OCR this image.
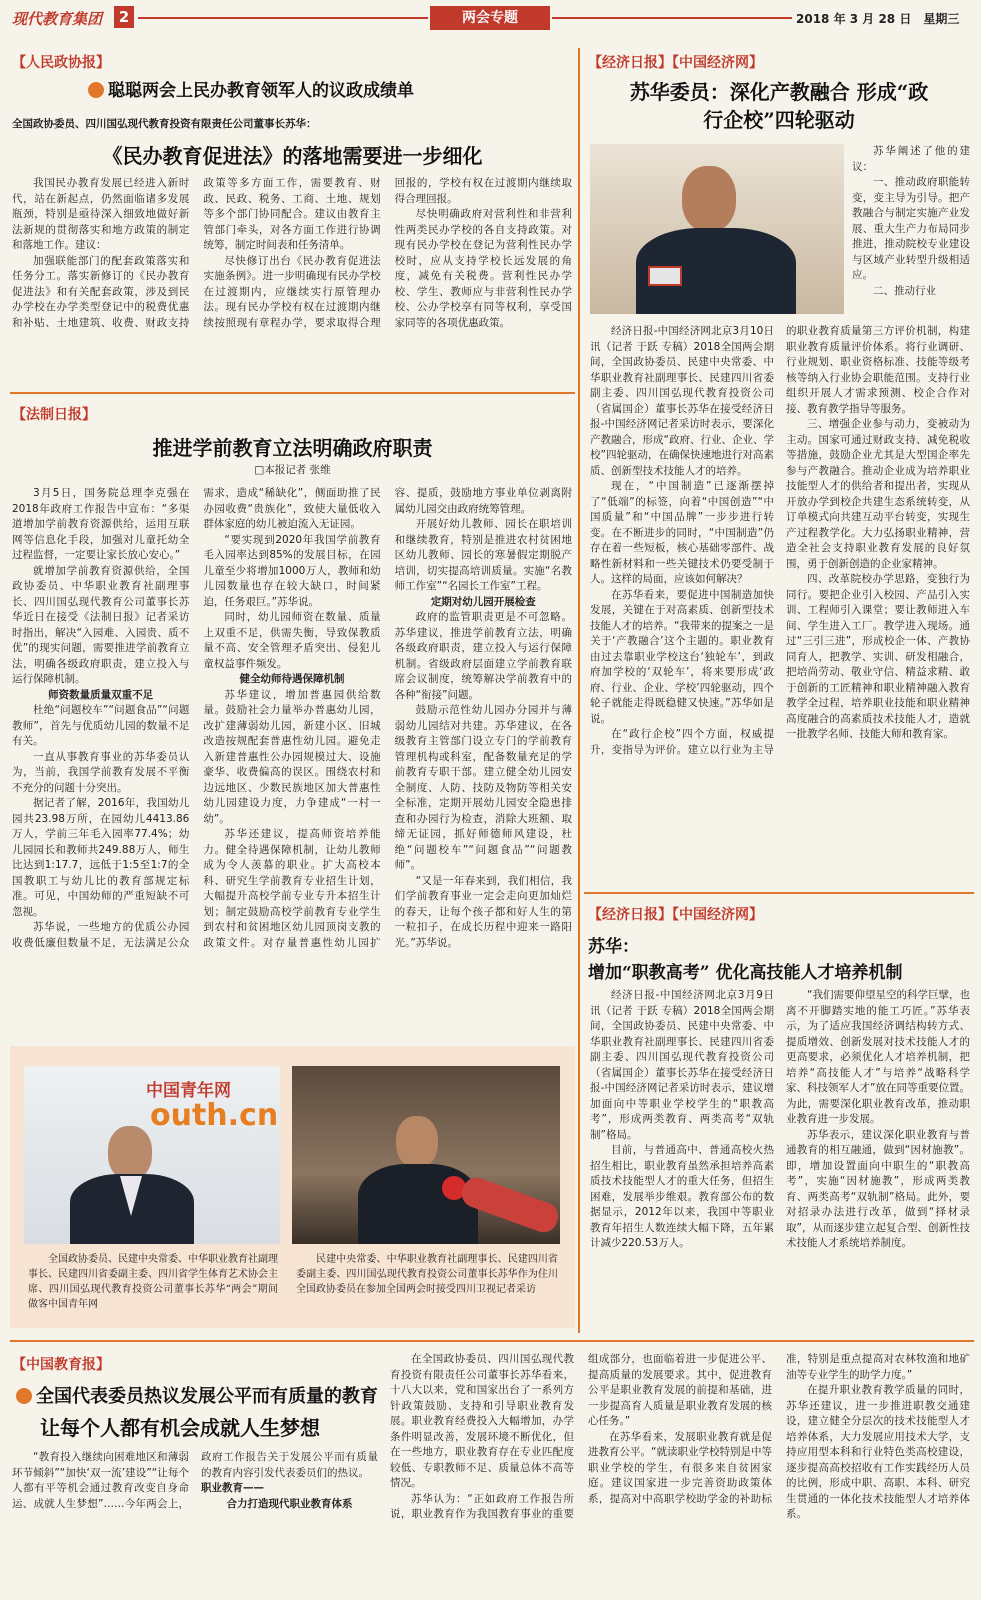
现代教育集团	2	两会专题	2018 年 3 月 28 日　星期三
【人民政协报】
聪聪两会上民办教育领军人的议政成绩单
全国政协委员、四川国弘现代教育投资有限责任公司董事长苏华：
《民办教育促进法》的落地需要进一步细化

我国民办教育发展已经进入新时代，站在新起点，仍然面临诸多发展瓶颈，特别是亟待深入细致地做好新法新规的贯彻落实和地方政策的制定和落地工作。建议：

加强联能部门的配套政策落实和任务分工。落实新修订的《民办教育促进法》和有关配套政策，涉及到民办学校在办学类型登记中的税费优惠和补贴、土地建筑、收费、财政支持政策等多方面工作，需要教育、财政、民政、税务、工商、土地、规划等多个部门协同配合。建议由教育主管部门牵头，对各方面工作进行协调统筹，制定时间表和任务清单。

尽快修订出台《民办教育促进法实施条例》。进一步明确现有民办学校在过渡期内，应继续实行原管理办法。现有民办学校有权在过渡期内继续按照现有章程办学，要求取得合理回报的，学校有权在过渡期内继续取得合理回报。

尽快明确政府对营利性和非营利性两类民办学校的各自支持政策。对现有民办学校在登记为营利性民办学校时，应从支持学校长远发展的角度，减免有关税费。营利性民办学校、学生、教师应与非营利性民办学校、公办学校享有同等权利，享受国家同等的各项优惠政策。

【法制日报】
推进学前教育立法明确政府职责
□本报记者 张维

3月5日，国务院总理李克强在2018年政府工作报告中宣布：“多渠道增加学前教育资源供给，运用互联网等信息化手段，加强对儿童托幼全过程监督，一定要让家长放心安心。”

就增加学前教育资源供给，全国政协委员、中华职业教育社副理事长、四川国弘现代教育公司董事长苏华近日在接受《法制日报》记者采访时指出，解决“入园难、入园贵、质不优”的现实问题，需要推进学前教育立法，明确各级政府职责，建立投入与运行保障机制。

师资数量质量双重不足

杜绝“问题校车”“问题食品”“问题教师”，首先与优质幼儿园的数量不足有关。

一直从事教育事业的苏华委员认为，当前，我国学前教育发展不平衡不充分的问题十分突出。

据记者了解，2016年，我国幼儿园共23.98万所，在园幼儿4413.86万人，学前三年毛入园率77.4%；幼儿园园长和教师共249.88万人，师生比达到1:17.7，远低于1:5至1:7的全国教职工与幼儿比的教育部规定标准。可见，中国幼师的严重短缺不可忽视。

苏华说，一些地方的优质公办园收费低廉但数量不足，无法满足公众需求，造成“稀缺化”，侧面助推了民办园收费“贵族化”，致使大量低收入群体家庭的幼儿被迫流入无证园。

“要实现到2020年我国学前教育毛入园率达到85%的发展目标，在园儿童至少将增加1000万人，教师和幼儿园数量也存在较大缺口，时间紧迫，任务艰巨。”苏华说。

同时，幼儿园师资在数量、质量上双重不足，供需失衡，导致保教质量不高、安全管理矛盾突出、侵犯儿童权益事件频发。

健全幼师待遇保障机制

苏华建议，增加普惠园供给数量。鼓励社会力量举办普惠幼儿园，改扩建薄弱幼儿园，新建小区、旧城改造按规配套普惠性幼儿园。避免走入新建普惠性公办园规模过大、设施豪华、收费偏高的误区。围绕农村和边远地区、少数民族地区加大普惠性幼儿园建设力度，力争建成“一村一幼”。

苏华还建议，提高师资培养能力。健全待遇保障机制，让幼儿教师成为令人羡慕的职业。扩大高校本科、研究生学前教育专业招生计划，大幅提升高校学前专业专升本招生计划；制定鼓励高校学前教育专业学生到农村和贫困地区幼儿园顶岗支教的政策文件。对存量普惠性幼儿园扩容、提质，鼓励地方事业单位剥离附属幼儿园交由政府统筹管理。

开展好幼儿教师、园长在职培训和继续教育，特别是推进农村贫困地区幼儿教师、园长的寒暑假定期脱产培训，切实提高培训质量。实施“名教师工作室”“名园长工作室”工程。

定期对幼儿园开展检查

政府的监管职责更是不可忽略。苏华建议，推进学前教育立法，明确各级政府职责，建立投入与运行保障机制。省级政府层面建立学前教育联席会议制度，统筹解决学前教育中的各种“衔接”问题。

鼓励示范性幼儿园办分园并与薄弱幼儿园结对共建。苏华建议，在各级教育主管部门设立专门的学前教育管理机构或科室，配备数量充足的学前教育专职干部。建立健全幼儿园安全制度、人防、技防及物防等相关安全标准，定期开展幼儿园安全隐患排查和办园行为检查，消除大班额、取缔无证园，抓好师德师风建设，杜绝“问题校车”“问题食品”“问题教师”。

“又是一年春来到，我们相信，我们学前教育事业一定会走向更加灿烂的春天，让每个孩子都和好人生的第一粒扣子，在成长历程中迎来一路阳光。”苏华说。

中国青年网
outh.cn
全国政协委员、民建中央常委、中华职业教育社副理事长、民建四川省委副主委、四川省学生体育艺术协会主席、四川国弘现代教育投资公司董事长苏华“两会”期间做客中国青年网
民建中央常委、中华职业教育社副理事长、民建四川省委副主委、四川国弘现代教育投资公司董事长苏华作为住川全国政协委员在参加全国两会时接受四川卫视记者采访
【经济日报】【中国经济网】
苏华委员：深化产教融合 形成“政
行企校”四轮驱动

苏华阐述了他的建议：

一、推动政府职能转变，变主导为引导。把产教融合与制定实施产业发展、重大生产力布局同步推进，推动院校专业建设与区域产业转型升级相适应。

二、推动行业

经济日报-中国经济网北京3月10日讯（记者 于跃 专稿）2018全国两会期间，全国政协委员、民建中央常委、中华职业教育社副理事长、民建四川省委副主委、四川国弘现代教育投资公司（省属国企）董事长苏华在接受经济日报-中国经济网记者采访时表示，要深化产教融合，形成“政府、行业、企业、学校”四轮驱动，在确保快速地进行对高素质、创新型技术技能人才的培养。

现在，“中国制造”已逐渐摆掉了“低端”的标签，向着“中国创造”“中国质量”和“中国品牌”一步步进行转变。在不断进步的同时，“中国制造”仍存在着一些短板，核心基础零部件、战略性新材料和一些关键技术仍要受制于人。这样的局面，应该如何解决？

在苏华看来，要促进中国制造加快发展，关键在于对高素质、创新型技术技能人才的培养。“我带来的提案之一是关于‘产教融合’这个主题的。职业教育由过去靠职业学校这台‘独轮车’，到政府加学校的‘双轮车’，将来要形成‘政府、行业、企业、学校’四轮驱动，四个轮子就能走得既稳健又快速。”苏华如是说。

在“政行企校”四个方面，权威提升，变指导为评价。建立以行业为主导的职业教育质量第三方评价机制，构建职业教育质量评价体系。将行业调研、行业规划、职业资格标准、技能等级考核等纳入行业协会职能范围。支持行业组织开展人才需求预测、校企合作对接、教育教学指导等服务。

三、增强企业参与动力，变被动为主动。国家可通过财政支持、减免税收等措施，鼓励企业尤其是大型国企率先参与产教融合。推动企业成为培养职业技能型人才的供给者和提出者，实现从开放办学到校企共建生态系统转变，从订单模式向共建互动平台转变，实现生产过程教学化。大力弘扬职业精神，营造全社会支持职业教育发展的良好氛围，勇于创新创造的企业家精神。

四、改革院校办学思路，变独行为同行。要把企业引入校园、产品引入实训、工程师引入课堂；要让教师进入车间、学生进入工厂。教学进入现场。通过“三引三进”，形成校企一体、产教协同育人，把教学、实训、研发相融合，把培尚劳动、敬业守信、精益求精、敢于创新的工匠精神和职业精神融入教育教学全过程，培养职业技能和职业精神高度融合的高素质技术技能人才，造就一批教学名师、技能大师和教育家。

【经济日报】【中国经济网】
苏华：
增加“职教高考” 优化高技能人才培养机制

经济日报-中国经济网北京3月9日讯（记者 于跃 专稿）2018全国两会期间，全国政协委员、民建中央常委、中华职业教育社副理事长、民建四川省委副主委、四川国弘现代教育投资公司（省属国企）董事长苏华在接受经济日报-中国经济网记者采访时表示，建议增加面向中等职业学校学生的“职教高考”，形成两类教育、两类高考“双轨制”格局。

目前，与普通高中、普通高校火热招生相比，职业教育虽然承担培养高素质技术技能型人才的重大任务，但招生困难，发展举步维艰。教育部公布的数据显示，2012年以来，我国中等职业教育年招生人数连续大幅下降，五年累计减少220.53万人。

“我们需要仰望星空的科学巨擘，也离不开脚踏实地的能工巧匠。”苏华表示，为了适应我国经济调结构转方式、提质增效、创新发展对技术技能人才的更高要求，必须优化人才培养机制，把培养“高技能人才”与培养“战略科学家、科技领军人才”放在同等重要位置。为此，需要深化职业教育改革，推动职业教育进一步发展。

苏华表示，建议深化职业教育与普通教育的相互融通，做到“因材施教”。即，增加设置面向中职生的“职教高考”，实施“因材施教”，形成两类教育、两类高考“双轨制”格局。此外，要对招录办法进行改革，做到“择材录取”，从而逐步建立起复合型、创新性技术技能人才系统培养制度。

【中国教育报】
全国代表委员热议发展公平而有质量的教育
让每个人都有机会成就人生梦想

“教育投入继续向困难地区和薄弱环节倾斜”“加快‘双一流’建设”“让每个人都有平等机会通过教育改变自身命运、成就人生梦想”……今年两会上，政府工作报告关于发展公平而有质量的教育内容引发代表委员们的热议。

职业教育——

合力打造现代职业教育体系

在全国政协委员、四川国弘现代教育投资有限责任公司董事长苏华看来，十八大以来，党和国家出台了一系列方针政策鼓励、支持和引导职业教育发展。职业教育经费投入大幅增加，办学条件明显改善，发展环境不断优化，但在一些地方，职业教育存在专业匹配度较低、专职教师不足、质量总体不高等情况。

苏华认为：“正如政府工作报告所说，职业教育作为我国教育事业的重要组成部分，也面临着进一步促进公平、提高质量的发展要求。其中，促进教育公平是职业教育发展的前提和基础，进一步提高育人质量是职业教育发展的核心任务。”

在苏华看来，发展职业教育就是促进教育公平。“就读职业学校特别是中等职业学校的学生，有很多来自贫困家庭。建议国家进一步完善资助政策体系，提高对中高职学校助学金的补助标准，特别是重点提高对农林牧渔和地矿油等专业学生的助学力度。”

在提升职业教育教学质量的同时，苏华还建议，进一步推进职教交通建设，建立健全分层次的技术技能型人才培养体系，大力发展应用技术大学，支持应用型本科和行业特色类高校建设，逐步提高高校招收有工作实践经历人员的比例，形成中职、高职、本科、研究生贯通的一体化技术技能型人才培养体系。
